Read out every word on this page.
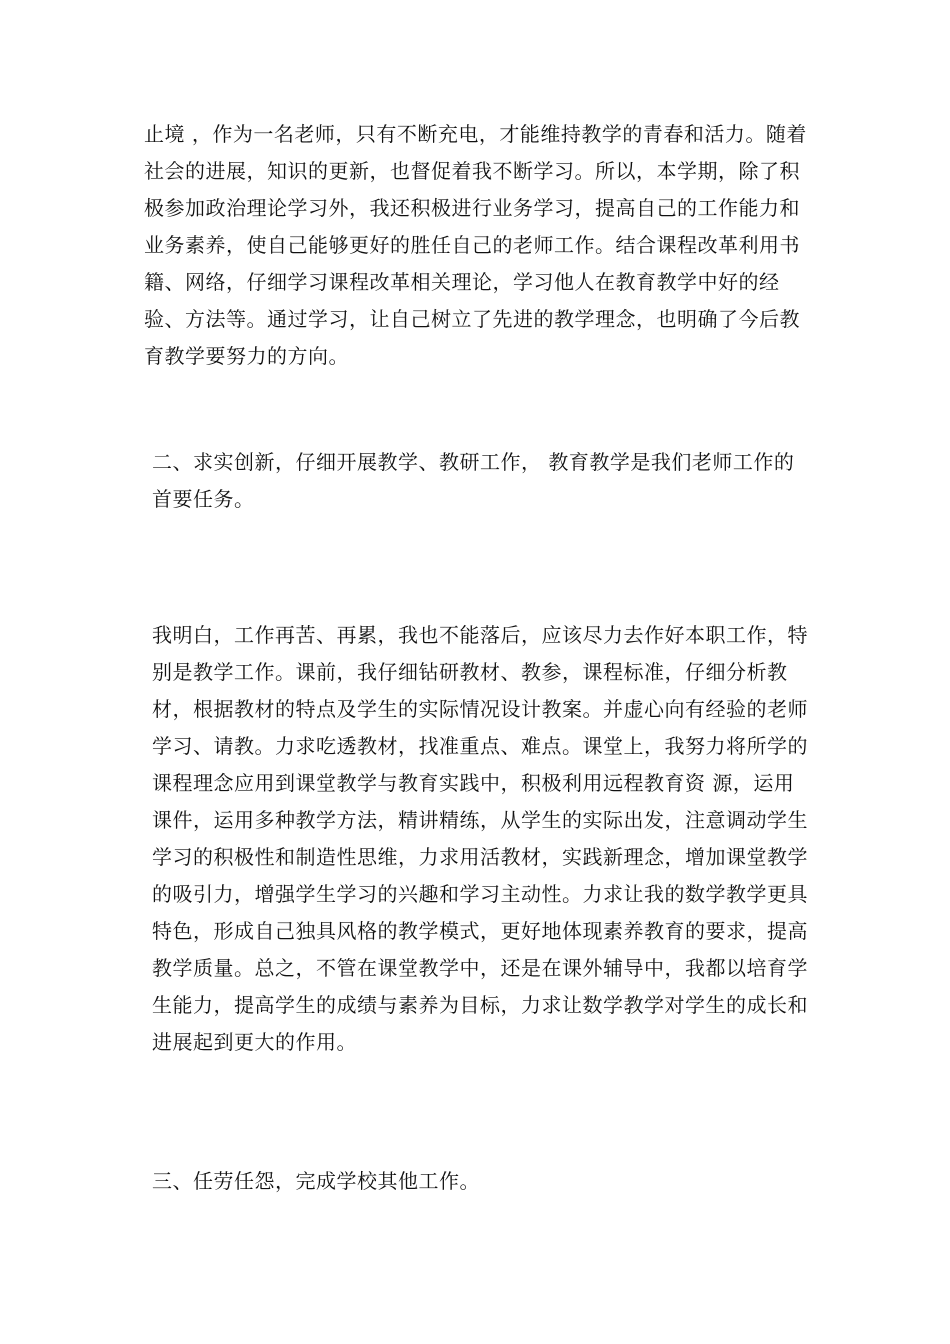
止境 ，作为一名老师，只有不断充电，才能维持教学的青春和活力。随着社会的进展，知识的更新，也督促着我不断学习。所以，本学期，除了积极参加政治理论学习外，我还积极进行业务学习，提高自己的工作能力和业务素养，使自己能够更好的胜任自己的老师工作。结合课程改革利用书籍、网络，仔细学习课程改革相关理论，学习他人在教育教学中好的经验、方法等。通过学习，让自己树立了先进的教学理念，也明确了今后教育教学要努力的方向。

二、求实创新，仔细开展教学、教研工作， 教育教学是我们老师工作的首要任务。

我明白，工作再苦、再累，我也不能落后，应该尽力去作好本职工作，特别是教学工作。课前，我仔细钻研教材、教参，课程标准，仔细分析教材，根据教材的特点及学生的实际情况设计教案。并虚心向有经验的老师学习、请教。力求吃透教材，找准重点、难点。课堂上，我努力将所学的课程理念应用到课堂教学与教育实践中，积极利用远程教育资 源，运用课件，运用多种教学方法，精讲精练，从学生的实际出发，注意调动学生学习的积极性和制造性思维，力求用活教材，实践新理念，增加课堂教学的吸引力，增强学生学习的兴趣和学习主动性。力求让我的数学教学更具特色，形成自己独具风格的教学模式，更好地体现素养教育的要求，提高教学质量。总之，不管在课堂教学中，还是在课外辅导中，我都以培育学生能力，提高学生的成绩与素养为目标，力求让数学教学对学生的成长和进展起到更大的作用。

三、任劳任怨，完成学校其他工作。
